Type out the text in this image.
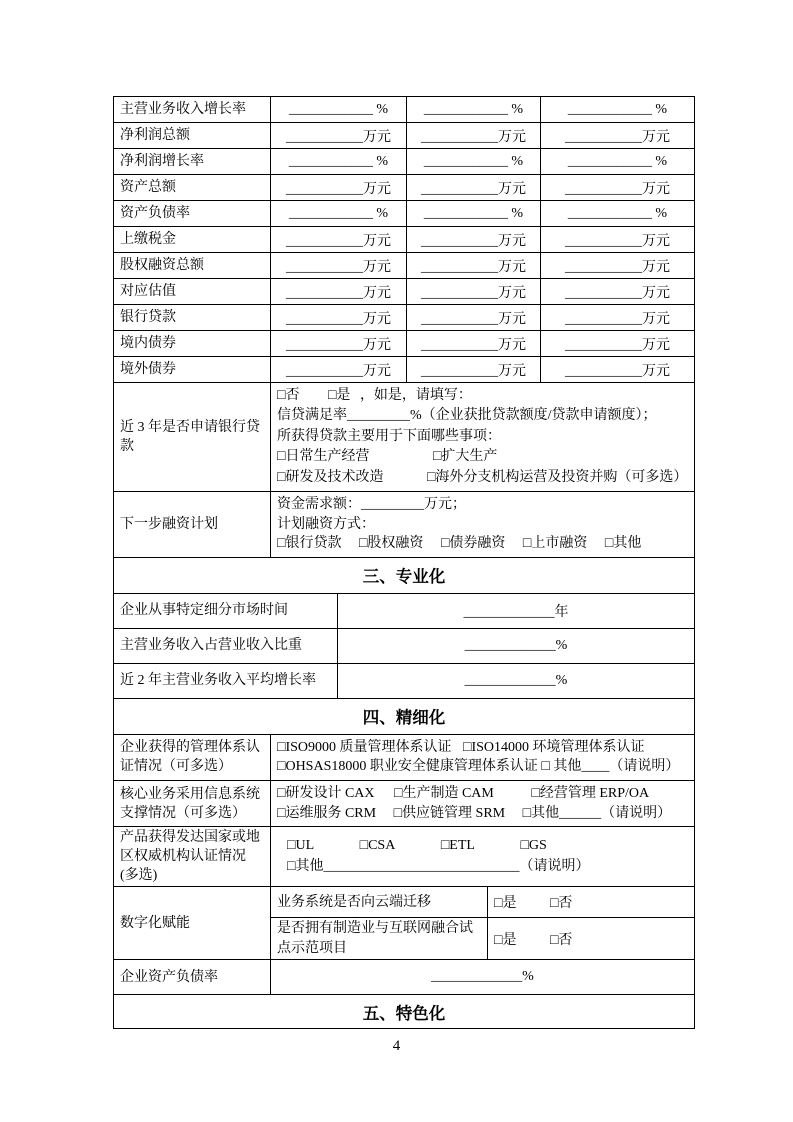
主营业务收入增长率	____________ %	____________ %	____________ %
净利润总额	___________万元	___________万元	___________万元
净利润增长率	____________ %	____________ %	____________ %
资产总额	___________万元	___________万元	___________万元
资产负债率	____________ %	____________ %	____________ %
上缴税金	___________万元	___________万元	___________万元
股权融资总额	___________万元	___________万元	___________万元
对应估值	___________万元	___________万元	___________万元
银行贷款	___________万元	___________万元	___________万元
境内债券	___________万元	___________万元	___________万元
境外债券	___________万元	___________万元	___________万元
近 3 年是否申请银行贷款	□否 □是 ，如是，请填写：
信贷满足率_________%（企业获批贷款额度/贷款申请额度）；
所获得贷款主要用于下面哪些事项：
□日常生产经营 □扩大生产
□研发及技术改造 □海外分支机构运营及投资并购（可多选）		

下一步融资计划	资金需求额：_________万元；
计划融资方式：
□银行贷款 □股权融资 □债券融资 □上市融资 □其他		
三、专业化	
企业从事特定细分市场时间	_____________年
主营业务收入占营业收入比重	_____________%
近 2 年主营业务收入平均增长率	_____________%
四、精细化		
企业获得的管理体系认证情况（可多选）	□ISO9000 质量管理体系认证 □ISO14000 环境管理体系认证
□OHSAS18000 职业安全健康管理体系认证 □ 其他____（请说明）	

核心业务采用信息系统支撑情况（可多选）	□研发设计 CAX □生产制造 CAM □经营管理 ERP/OA
□运维服务 CRM □供应链管理 SRM □其他______（请说明）	

产品获得发达国家或地区权威机构认证情况(多选)	□UL □CSA □ETL □GS
□其他____________________________（请说明）	

数字化赋能	业务系统是否向云端迁移	□是 □否
	是否拥有制造业与互联网融合试点示范项目	□是 □否
企业资产负债率	_____________%	
五、特色化		
4
